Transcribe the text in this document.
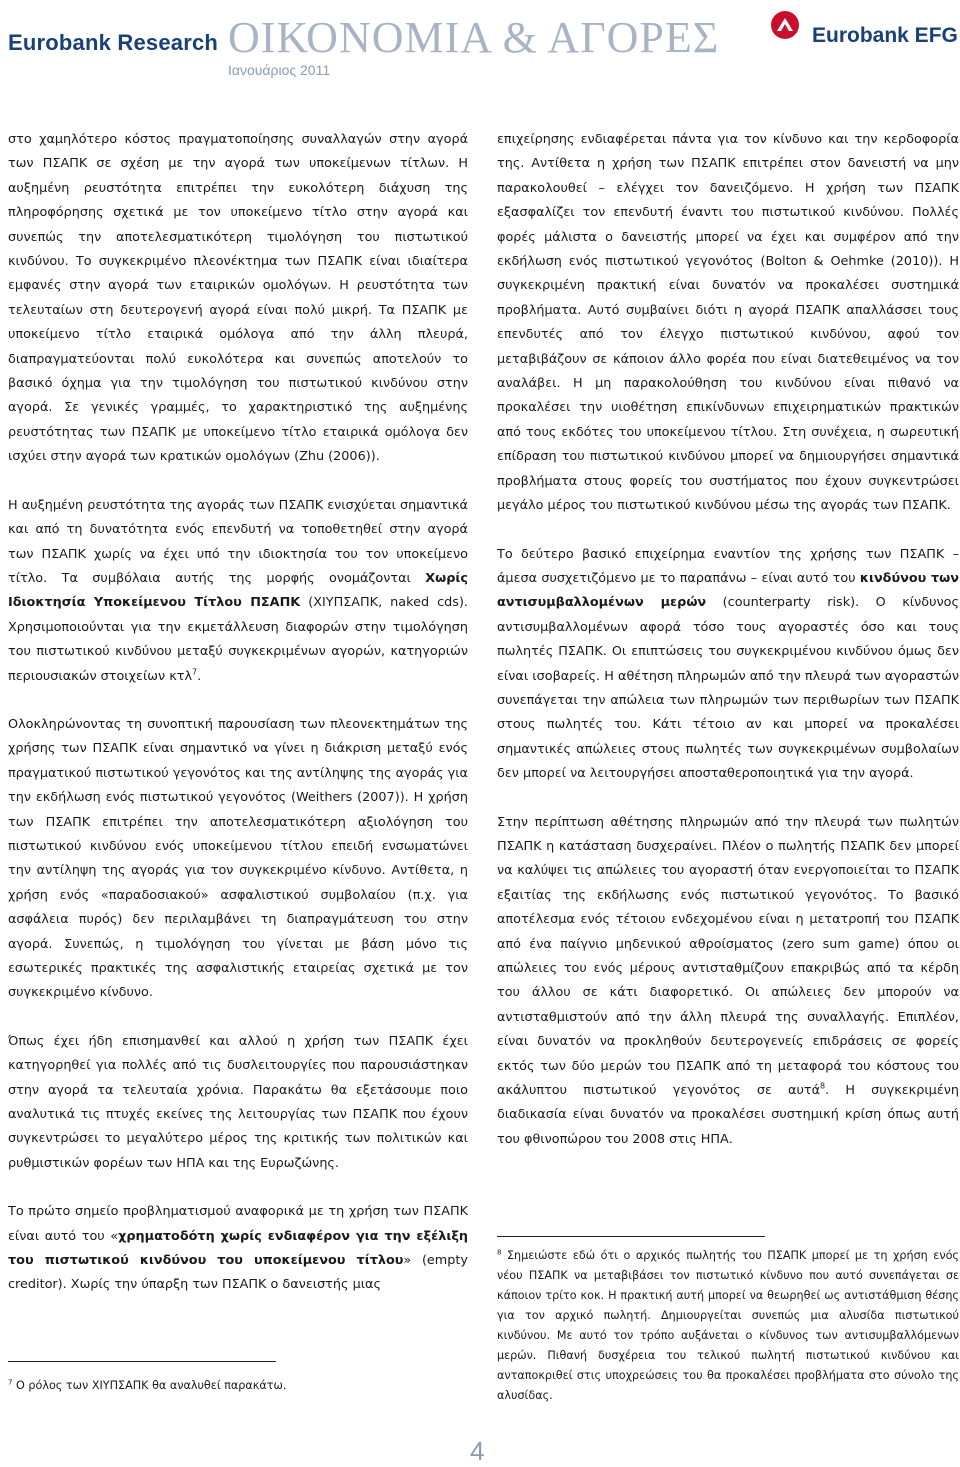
Eurobank Research ΟΙΚΟΝΟΜΙΑ & ΑΓΟΡΕΣ
Ιανουάριος 2011
Eurobank EFG

στο χαμηλότερο κόστος πραγματοποίησης συναλλαγών στην αγορά των ΠΣΑΠΚ σε σχέση με την αγορά των υποκείμενων τίτλων. Η αυξημένη ρευστότητα επιτρέπει την ευκολότερη διάχυση της πληροφόρησης σχετικά με τον υποκείμενο τίτλο στην αγορά και συνεπώς την αποτελεσματικότερη τιμολόγηση του πιστωτικού κινδύνου. Το συγκεκριμένο πλεονέκτημα των ΠΣΑΠΚ είναι ιδιαίτερα εμφανές στην αγορά των εταιρικών ομολόγων. Η ρευστότητα των τελευταίων στη δευτερογενή αγορά είναι πολύ μικρή. Τα ΠΣΑΠΚ με υποκείμενο τίτλο εταιρικά ομόλογα από την άλλη πλευρά, διαπραγματεύονται πολύ ευκολότερα και συνεπώς αποτελούν το βασικό όχημα για την τιμολόγηση του πιστωτικού κινδύνου στην αγορά. Σε γενικές γραμμές, το χαρακτηριστικό της αυξημένης ρευστότητας των ΠΣΑΠΚ με υποκείμενο τίτλο εταιρικά ομόλογα δεν ισχύει στην αγορά των κρατικών ομολόγων (Zhu (2006)).

Η αυξημένη ρευστότητα της αγοράς των ΠΣΑΠΚ ενισχύεται σημαντικά και από τη δυνατότητα ενός επενδυτή να τοποθετηθεί στην αγορά των ΠΣΑΠΚ χωρίς να έχει υπό την ιδιοκτησία του τον υποκείμενο τίτλο. Τα συμβόλαια αυτής της μορφής ονομάζονται Χωρίς Ιδιοκτησία Υποκείμενου Τίτλου ΠΣΑΠΚ (ΧΙΥΠΣΑΠΚ, naked cds). Χρησιμοποιούνται για την εκμετάλλευση διαφορών στην τιμολόγηση του πιστωτικού κινδύνου μεταξύ συγκεκριμένων αγορών, κατηγοριών περιουσιακών στοιχείων κτλ$^7$.

Ολοκληρώνοντας τη συνοπτική παρουσίαση των πλεονεκτημάτων της χρήσης των ΠΣΑΠΚ είναι σημαντικό να γίνει η διάκριση μεταξύ ενός πραγματικού πιστωτικού γεγονότος και της αντίληψης της αγοράς για την εκδήλωση ενός πιστωτικού γεγονότος (Weithers (2007)). Η χρήση των ΠΣΑΠΚ επιτρέπει την αποτελεσματικότερη αξιολόγηση του πιστωτικού κινδύνου ενός υποκείμενου τίτλου επειδή ενσωματώνει την αντίληψη της αγοράς για τον συγκεκριμένο κίνδυνο. Αντίθετα, η χρήση ενός «παραδοσιακού» ασφαλιστικού συμβολαίου (π.χ. για ασφάλεια πυρός) δεν περιλαμβάνει τη διαπραγμάτευση του στην αγορά. Συνεπώς, η τιμολόγηση του γίνεται με βάση μόνο τις εσωτερικές πρακτικές της ασφαλιστικής εταιρείας σχετικά με τον συγκεκριμένο κίνδυνο.

Όπως έχει ήδη επισημανθεί και αλλού η χρήση των ΠΣΑΠΚ έχει κατηγορηθεί για πολλές από τις δυσλειτουργίες που παρουσιάστηκαν στην αγορά τα τελευταία χρόνια. Παρακάτω θα εξετάσουμε ποιο αναλυτικά τις πτυχές εκείνες της λειτουργίας των ΠΣΑΠΚ που έχουν συγκεντρώσει το μεγαλύτερο μέρος της κριτικής των πολιτικών και ρυθμιστικών φορέων των ΗΠΑ και της Ευρωζώνης.

Το πρώτο σημείο προβληματισμού αναφορικά με τη χρήση των ΠΣΑΠΚ είναι αυτό του «χρηματοδότη χωρίς ενδιαφέρον για την εξέλιξη του πιστωτικού κινδύνου του υποκείμενου τίτλου» (empty creditor). Χωρίς την ύπαρξη των ΠΣΑΠΚ ο δανειστής μιας

$^7$ Ο ρόλος των ΧΙΥΠΣΑΠΚ θα αναλυθεί παρακάτω.

επιχείρησης ενδιαφέρεται πάντα για τον κίνδυνο και την κερδοφορία της. Αντίθετα η χρήση των ΠΣΑΠΚ επιτρέπει στον δανειστή να μην παρακολουθεί – ελέγχει τον δανειζόμενο. Η χρήση των ΠΣΑΠΚ εξασφαλίζει τον επενδυτή έναντι του πιστωτικού κινδύνου. Πολλές φορές μάλιστα ο δανειστής μπορεί να έχει και συμφέρον από την εκδήλωση ενός πιστωτικού γεγονότος (Bolton & Oehmke (2010)). Η συγκεκριμένη πρακτική είναι δυνατόν να προκαλέσει συστημικά προβλήματα. Αυτό συμβαίνει διότι η αγορά ΠΣΑΠΚ απαλλάσσει τους επενδυτές από τον έλεγχο πιστωτικού κινδύνου, αφού τον μεταβιβάζουν σε κάποιον άλλο φορέα που είναι διατεθειμένος να τον αναλάβει. Η μη παρακολούθηση του κινδύνου είναι πιθανό να προκαλέσει την υιοθέτηση επικίνδυνων επιχειρηματικών πρακτικών από τους εκδότες του υποκείμενου τίτλου. Στη συνέχεια, η σωρευτική επίδραση του πιστωτικού κινδύνου μπορεί να δημιουργήσει σημαντικά προβλήματα στους φορείς του συστήματος που έχουν συγκεντρώσει μεγάλο μέρος του πιστωτικού κινδύνου μέσω της αγοράς των ΠΣΑΠΚ.

Το δεύτερο βασικό επιχείρημα εναντίον της χρήσης των ΠΣΑΠΚ – άμεσα συσχετιζόμενο με το παραπάνω – είναι αυτό του κινδύνου των αντισυμβαλλομένων μερών (counterparty risk). Ο κίνδυνος αντισυμβαλλομένων αφορά τόσο τους αγοραστές όσο και τους πωλητές ΠΣΑΠΚ. Οι επιπτώσεις του συγκεκριμένου κινδύνου όμως δεν είναι ισοβαρείς. Η αθέτηση πληρωμών από την πλευρά των αγοραστών συνεπάγεται την απώλεια των πληρωμών των περιθωρίων των ΠΣΑΠΚ στους πωλητές του. Κάτι τέτοιο αν και μπορεί να προκαλέσει σημαντικές απώλειες στους πωλητές των συγκεκριμένων συμβολαίων δεν μπορεί να λειτουργήσει αποσταθεροποιητικά για την αγορά.

Στην περίπτωση αθέτησης πληρωμών από την πλευρά των πωλητών ΠΣΑΠΚ η κατάσταση δυσχεραίνει. Πλέον ο πωλητής ΠΣΑΠΚ δεν μπορεί να καλύψει τις απώλειες του αγοραστή όταν ενεργοποιείται το ΠΣΑΠΚ εξαιτίας της εκδήλωσης ενός πιστωτικού γεγονότος. Το βασικό αποτέλεσμα ενός τέτοιου ενδεχομένου είναι η μετατροπή του ΠΣΑΠΚ από ένα παίγνιο μηδενικού αθροίσματος (zero sum game) όπου οι απώλειες του ενός μέρους αντισταθμίζουν επακριβώς από τα κέρδη του άλλου σε κάτι διαφορετικό. Οι απώλειες δεν μπορούν να αντισταθμιστούν από την άλλη πλευρά της συναλλαγής. Επιπλέον, είναι δυνατόν να προκληθούν δευτερογενείς επιδράσεις σε φορείς εκτός των δύο μερών του ΠΣΑΠΚ από τη μεταφορά του κόστους του ακάλυπτου πιστωτικού γεγονότος σε αυτά$^8$. Η συγκεκριμένη διαδικασία είναι δυνατόν να προκαλέσει συστημική κρίση όπως αυτή του φθινοπώρου του 2008 στις ΗΠΑ.

$^8$ Σημειώστε εδώ ότι ο αρχικός πωλητής του ΠΣΑΠΚ μπορεί με τη χρήση ενός νέου ΠΣΑΠΚ να μεταβιβάσει τον πιστωτικό κίνδυνο που αυτό συνεπάγεται σε κάποιον τρίτο κοκ. Η πρακτική αυτή μπορεί να θεωρηθεί ως αντιστάθμιση θέσης για τον αρχικό πωλητή. Δημιουργείται συνεπώς μια αλυσίδα πιστωτικού κινδύνου. Με αυτό τον τρόπο αυξάνεται ο κίνδυνος των αντισυμβαλλόμενων μερών. Πιθανή δυσχέρεια του τελικού πωλητή πιστωτικού κινδύνου και ανταποκριθεί στις υποχρεώσεις του θα προκαλέσει προβλήματα στο σύνολο της αλυσίδας.
4
